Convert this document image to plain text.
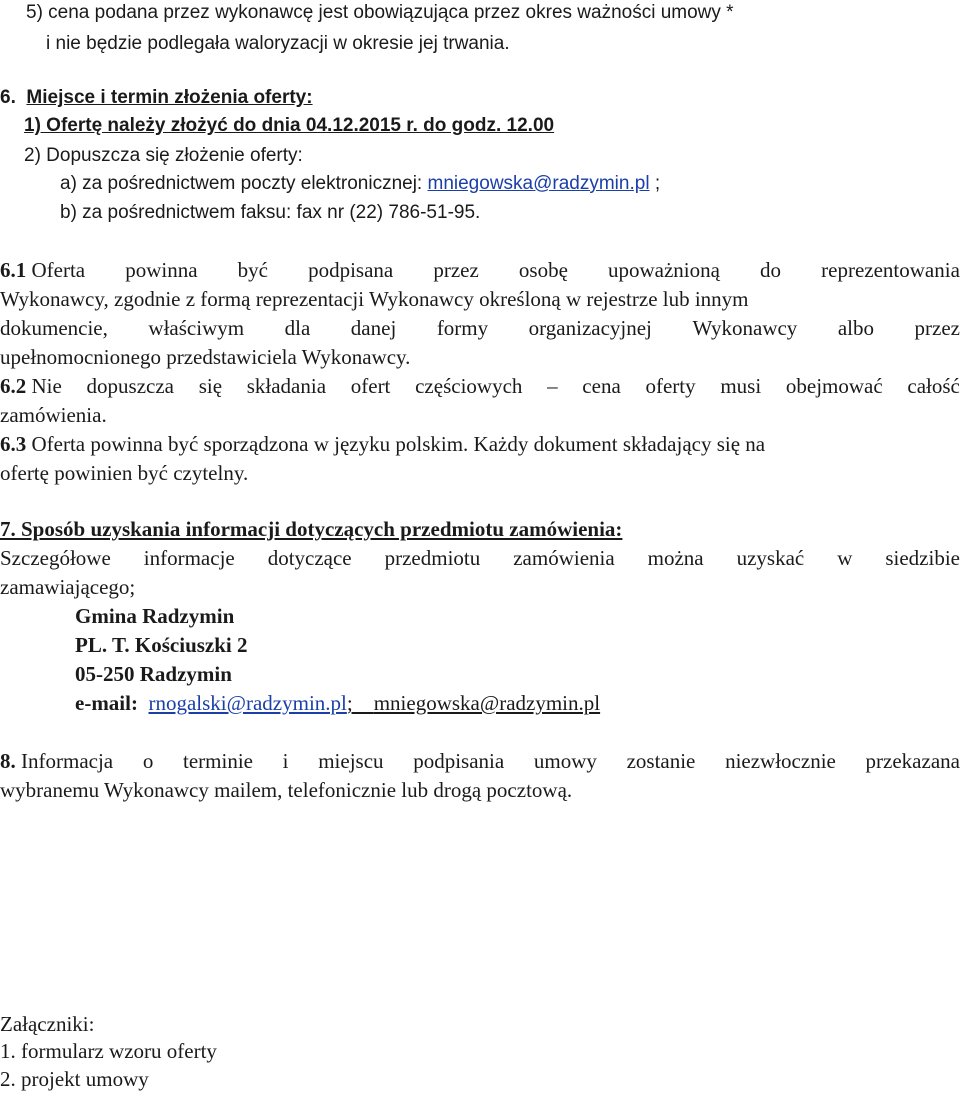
5) cena podana przez wykonawcę jest obowiązująca przez okres ważności umowy *
i nie będzie podlegała waloryzacji w okresie jej trwania.
6. Miejsce i termin złożenia oferty:
1) Ofertę należy złożyć do dnia 04.12.2015 r. do godz. 12.00
2) Dopuszcza się złożenie oferty:
a) za pośrednictwem poczty elektronicznej: mniegowska@radzymin.pl ;
b) za pośrednictwem faksu: fax nr (22) 786-51-95.
6.1 Oferta powinna być podpisana przez osobę upoważnioną do reprezentowania
Wykonawcy, zgodnie z formą reprezentacji Wykonawcy określoną w rejestrze lub innym
dokumencie, właściwym dla danej formy organizacyjnej Wykonawcy albo przez
upełnomocnionego przedstawiciela Wykonawcy.
6.2 Nie dopuszcza się składania ofert częściowych – cena oferty musi obejmować całość
zamówienia.
6.3 Oferta powinna być sporządzona w języku polskim. Każdy dokument składający się na
ofertę powinien być czytelny.
7. Sposób uzyskania informacji dotyczących przedmiotu zamówienia:
Szczegółowe informacje dotyczące przedmiotu zamówienia można uzyskać w siedzibie
zamawiającego;
Gmina Radzymin
PL. T. Kościuszki 2
05-250 Radzymin
e-mail: rnogalski@radzymin.pl;    mniegowska@radzymin.pl
8. Informacja o terminie i miejscu podpisania umowy zostanie niezwłocznie przekazana
wybranemu Wykonawcy mailem, telefonicznie lub drogą pocztową.
Załączniki:
1. formularz wzoru oferty
2. projekt umowy
